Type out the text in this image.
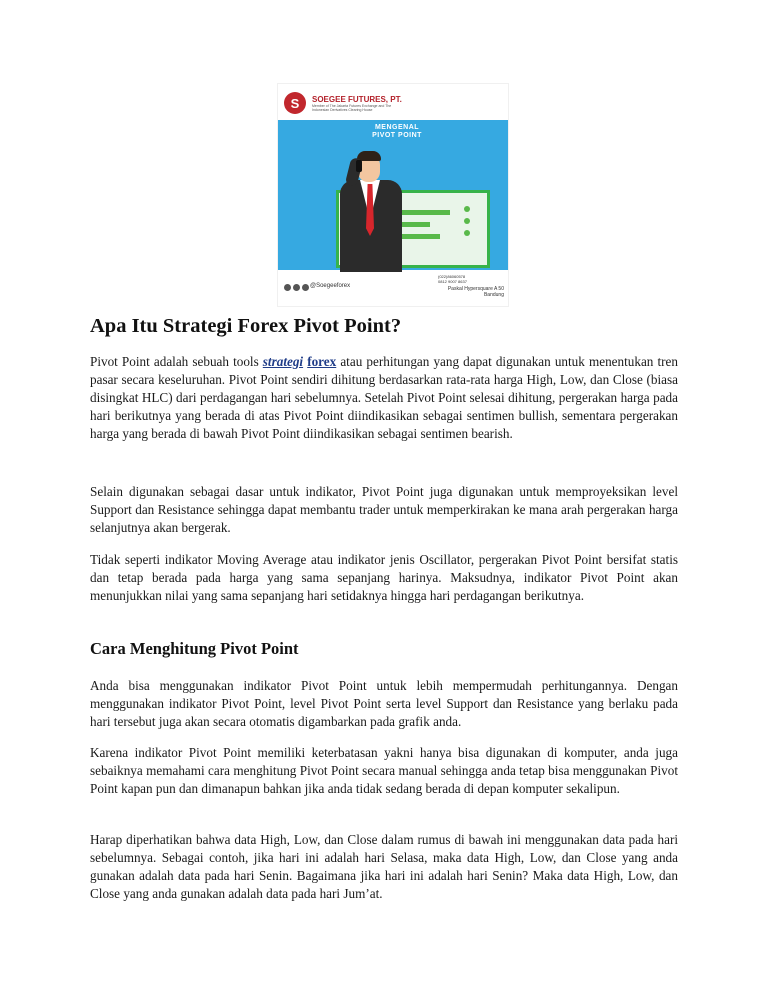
S	SOEGEE FUTURES, PT.
Member of The Jakarta Futures Exchange and The Indonesian Derivatives Clearing House
MENGENAL
PIVOT POINT
@Soegeeforex
(022)86060578
0812 9007 8637
Paskal Hypersquare A 50
Bandung
Apa Itu Strategi Forex Pivot Point?

Pivot Point adalah sebuah tools strategi forex atau perhitungan yang dapat digunakan untuk menentukan tren pasar secara keseluruhan. Pivot Point sendiri dihitung berdasarkan rata-rata harga High, Low, dan Close (biasa disingkat HLC) dari perdagangan hari sebelumnya. Setelah Pivot Point selesai dihitung, pergerakan harga pada hari berikutnya yang berada di atas Pivot Point diindikasikan sebagai sentimen bullish, sementara pergerakan harga yang berada di bawah Pivot Point diindikasikan sebagai sentimen bearish.

Selain digunakan sebagai dasar untuk indikator, Pivot Point juga digunakan untuk memproyeksikan level Support dan Resistance sehingga dapat membantu trader untuk memperkirakan ke mana arah pergerakan harga selanjutnya akan bergerak.

Tidak seperti indikator Moving Average atau indikator jenis Oscillator, pergerakan Pivot Point bersifat statis dan tetap berada pada harga yang sama sepanjang harinya. Maksudnya, indikator Pivot Point akan menunjukkan nilai yang sama sepanjang hari setidaknya hingga hari perdagangan berikutnya.

Cara Menghitung Pivot Point

Anda bisa menggunakan indikator Pivot Point untuk lebih mempermudah perhitungannya. Dengan menggunakan indikator Pivot Point, level Pivot Point serta level Support dan Resistance yang berlaku pada hari tersebut juga akan secara otomatis digambarkan pada grafik anda.

Karena indikator Pivot Point memiliki keterbatasan yakni hanya bisa digunakan di komputer, anda juga sebaiknya memahami cara menghitung Pivot Point secara manual sehingga anda tetap bisa menggunakan Pivot Point kapan pun dan dimanapun bahkan jika anda tidak sedang berada di depan komputer sekalipun.

Harap diperhatikan bahwa data High, Low, dan Close dalam rumus di bawah ini menggunakan data pada hari sebelumnya. Sebagai contoh, jika hari ini adalah hari Selasa, maka data High, Low, dan Close yang anda gunakan adalah data pada hari Senin. Bagaimana jika hari ini adalah hari Senin? Maka data High, Low, dan Close yang anda gunakan adalah data pada hari Jum’at.
